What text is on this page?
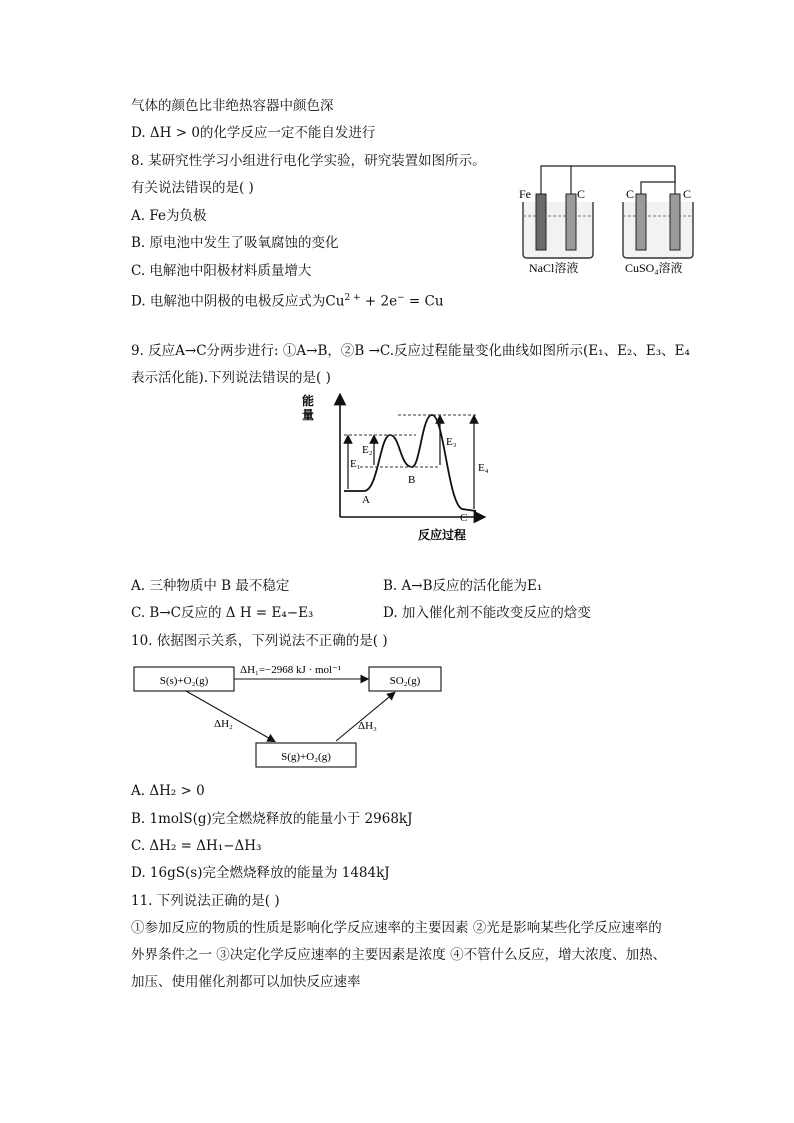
气体的颜色比非绝热容器中颜色深
D. ΔH > 0的化学反应一定不能自发进行
8. 某研究性学习小组进行电化学实验，研究装置如图所示。
有关说法错误的是( )
A. Fe为负极
B. 原电池中发生了吸氧腐蚀的变化
C. 电解池中阳极材料质量增大
D. 电解池中阴极的电极反应式为$Cu^{2 +} + 2e^- = Cu$
9. 反应A→C分两步进行: ①A→B，②B →C.反应过程能量变化曲线如图所示(E₁、E₂、E₃、E₄
表示活化能).下列说法错误的是( )
A. 三种物质中 B 最不稳定	B. A→B反应的活化能为E₁
C. B→C反应的 Δ H = E₄−E₃	D. 加入催化剂不能改变反应的焓变
10. 依据图示关系，下列说法不正确的是( )
A. ΔH₂ > 0
B. 1molS(g)完全燃烧释放的能量小于 2968kJ
C. ΔH₂ = ΔH₁−ΔH₃
D. 16gS(s)完全燃烧释放的能量为 1484kJ
11. 下列说法正确的是( )
①参加反应的物质的性质是影响化学反应速率的主要因素 ②光是影响某些化学反应速率的
外界条件之一 ③决定化学反应速率的主要因素是浓度 ④不管什么反应，增大浓度、加热、
加压、使用催化剂都可以加快反应速率
Fe	C	C	C
NaCl溶液	CuSO₄溶液
能
量
E₁
E₂
E₃
E₄
A
B
C
反应过程
S(s)+O₂(g)	SO₂(g)
S(g)+O₂(g)
ΔH₁=−2968 kJ · mol⁻¹
ΔH₂	ΔH₃
